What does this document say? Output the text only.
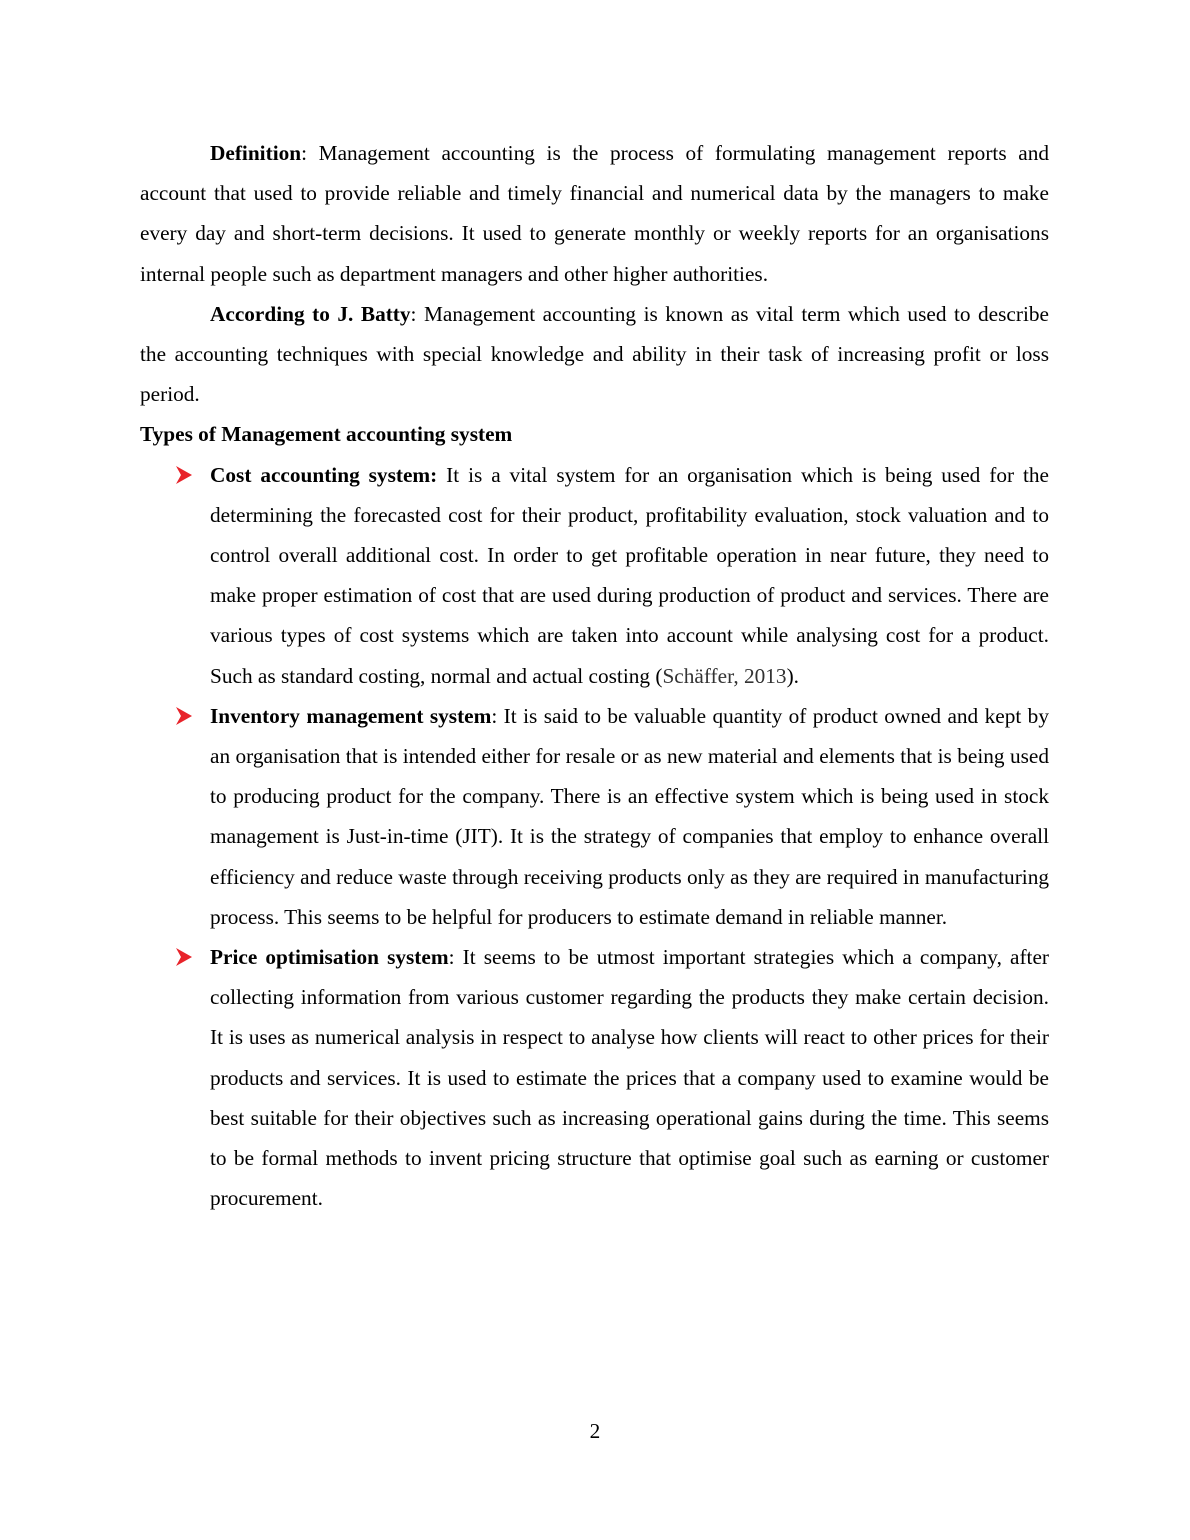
Definition: Management accounting is the process of formulating management reports and account that used to provide reliable and timely financial and numerical data by the managers to make every day and short-term decisions. It used to generate monthly or weekly reports for an organisations internal people such as department managers and other higher authorities.

According to J. Batty: Management accounting is known as vital term which used to describe the accounting techniques with special knowledge and ability in their task of increasing profit or loss period.

Types of Management accounting system

Cost accounting system: It is a vital system for an organisation which is being used for the determining the forecasted cost for their product, profitability evaluation, stock valuation and to control overall additional cost. In order to get profitable operation in near future, they need to make proper estimation of cost that are used during production of product and services. There are various types of cost systems which are taken into account while analysing cost for a product. Such as standard costing, normal and actual costing (Schäffer, 2013).

Inventory management system: It is said to be valuable quantity of product owned and kept by an organisation that is intended either for resale or as new material and elements that is being used to producing product for the company. There is an effective system which is being used in stock management is Just-in-time (JIT). It is the strategy of companies that employ to enhance overall efficiency and reduce waste through receiving products only as they are required in manufacturing process. This seems to be helpful for producers to estimate demand in reliable manner.

Price optimisation system: It seems to be utmost important strategies which a company, after collecting information from various customer regarding the products they make certain decision. It is uses as numerical analysis in respect to analyse how clients will react to other prices for their products and services. It is used to estimate the prices that a company used to examine would be best suitable for their objectives such as increasing operational gains during the time. This seems to be formal methods to invent pricing structure that optimise goal such as earning or customer procurement.

2
